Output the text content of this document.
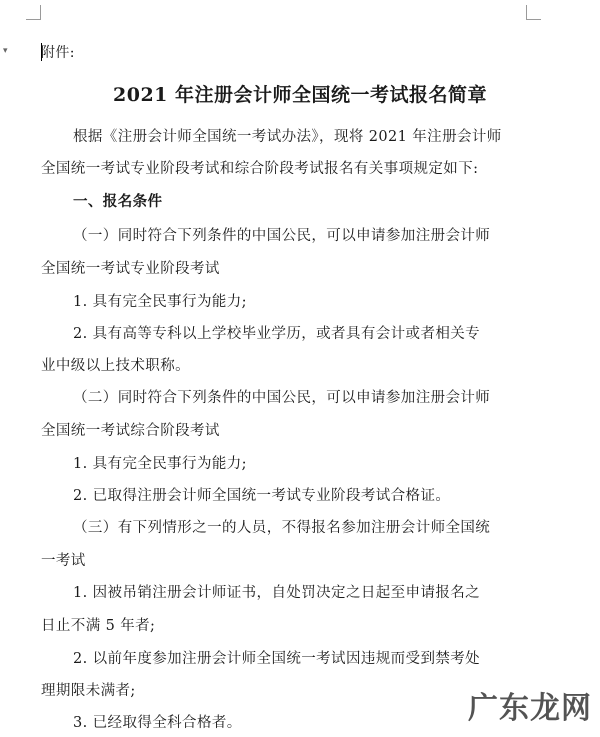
▾ 附件:
2021 年注册会计师全国统一考试报名简章
根据《注册会计师全国统一考试办法》，现将 2021 年注册会计师
全国统一考试专业阶段考试和综合阶段考试报名有关事项规定如下:
一、报名条件
（一）同时符合下列条件的中国公民，可以申请参加注册会计师
全国统一考试专业阶段考试
1. 具有完全民事行为能力;
2. 具有高等专科以上学校毕业学历，或者具有会计或者相关专
业中级以上技术职称。
（二）同时符合下列条件的中国公民，可以申请参加注册会计师
全国统一考试综合阶段考试
1. 具有完全民事行为能力;
2. 已取得注册会计师全国统一考试专业阶段考试合格证。
（三）有下列情形之一的人员，不得报名参加注册会计师全国统
一考试
1. 因被吊销注册会计师证书，自处罚决定之日起至申请报名之
日止不满 5 年者;
2. 以前年度参加注册会计师全国统一考试因违规而受到禁考处
理期限未满者;
3. 已经取得全科合格者。	广东龙网
